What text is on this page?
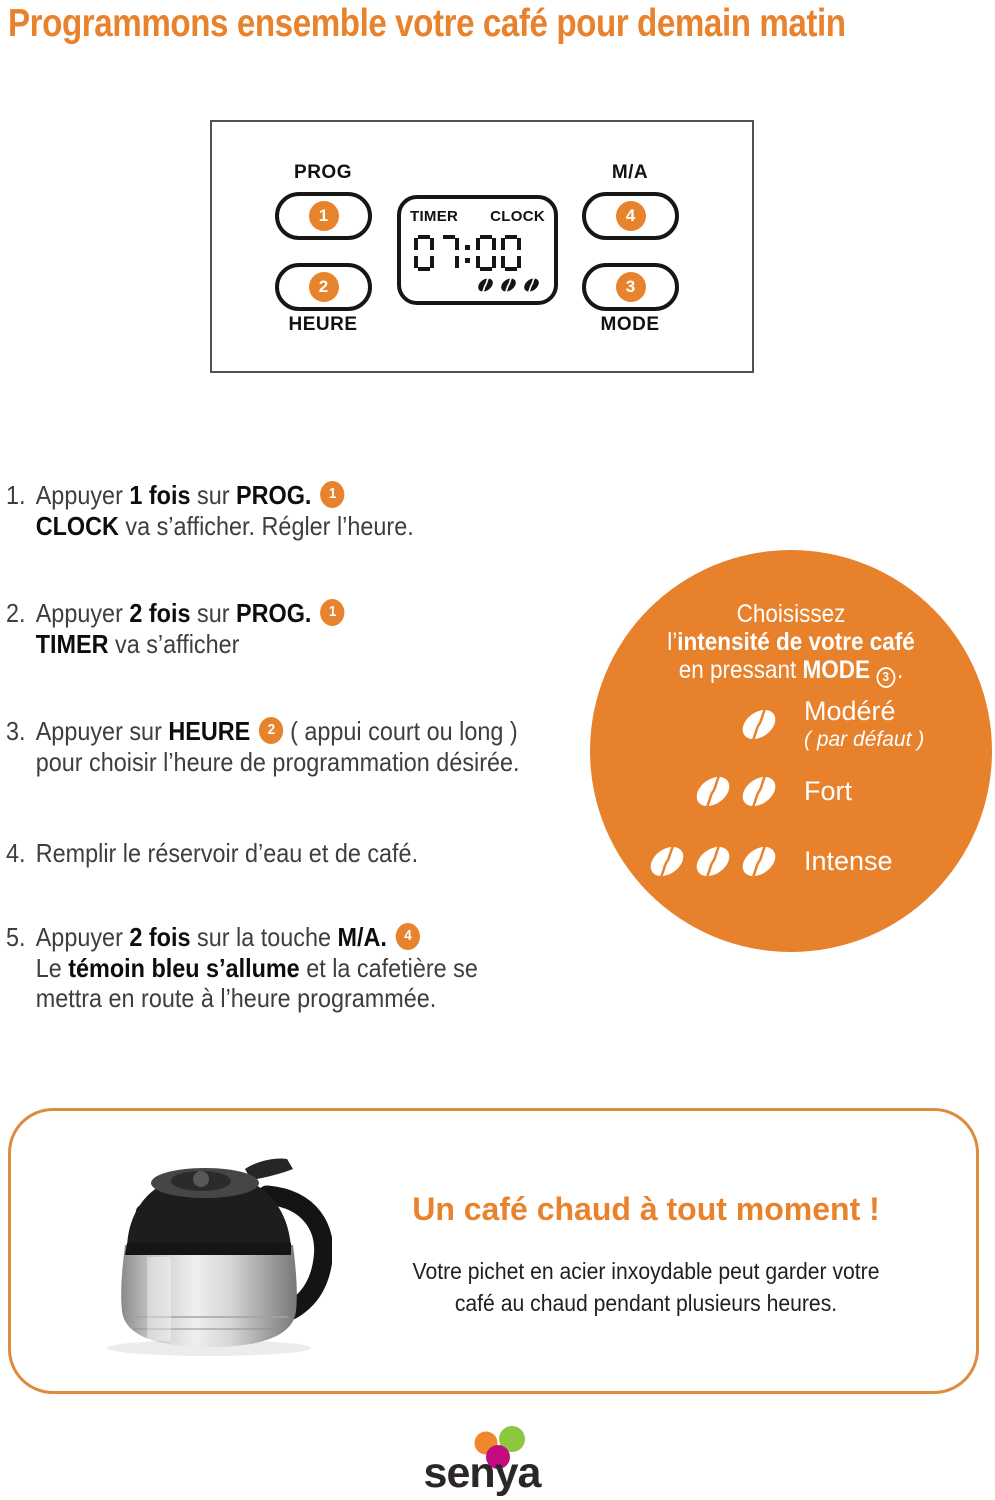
Programmons ensemble votre café pour demain matin
PROG
1
2
HEURE
TIMER CLOCK
M/A
4
3
MODE
1. Appuyer 1 fois sur PROG. 1
CLOCK va s’afficher. Régler l’heure.
2. Appuyer 2 fois sur PROG. 1
TIMER va s’afficher
3. Appuyer sur HEURE 2 ( appui court ou long )
pour choisir l’heure de programmation désirée.
4. Remplir le réservoir d’eau et de café.
5. Appuyer 2 fois sur la touche M/A. 4
Le témoin bleu s’allume et la cafetière se
mettra en route à l’heure programmée.
Choisissez
l’intensité de votre café
en pressant MODE 3 .
Modéré
( par défaut )
Fort
Intense
Un café chaud à tout moment !
Votre pichet en acier inxoydable peut garder votre
café au chaud pendant plusieurs heures.
senya
